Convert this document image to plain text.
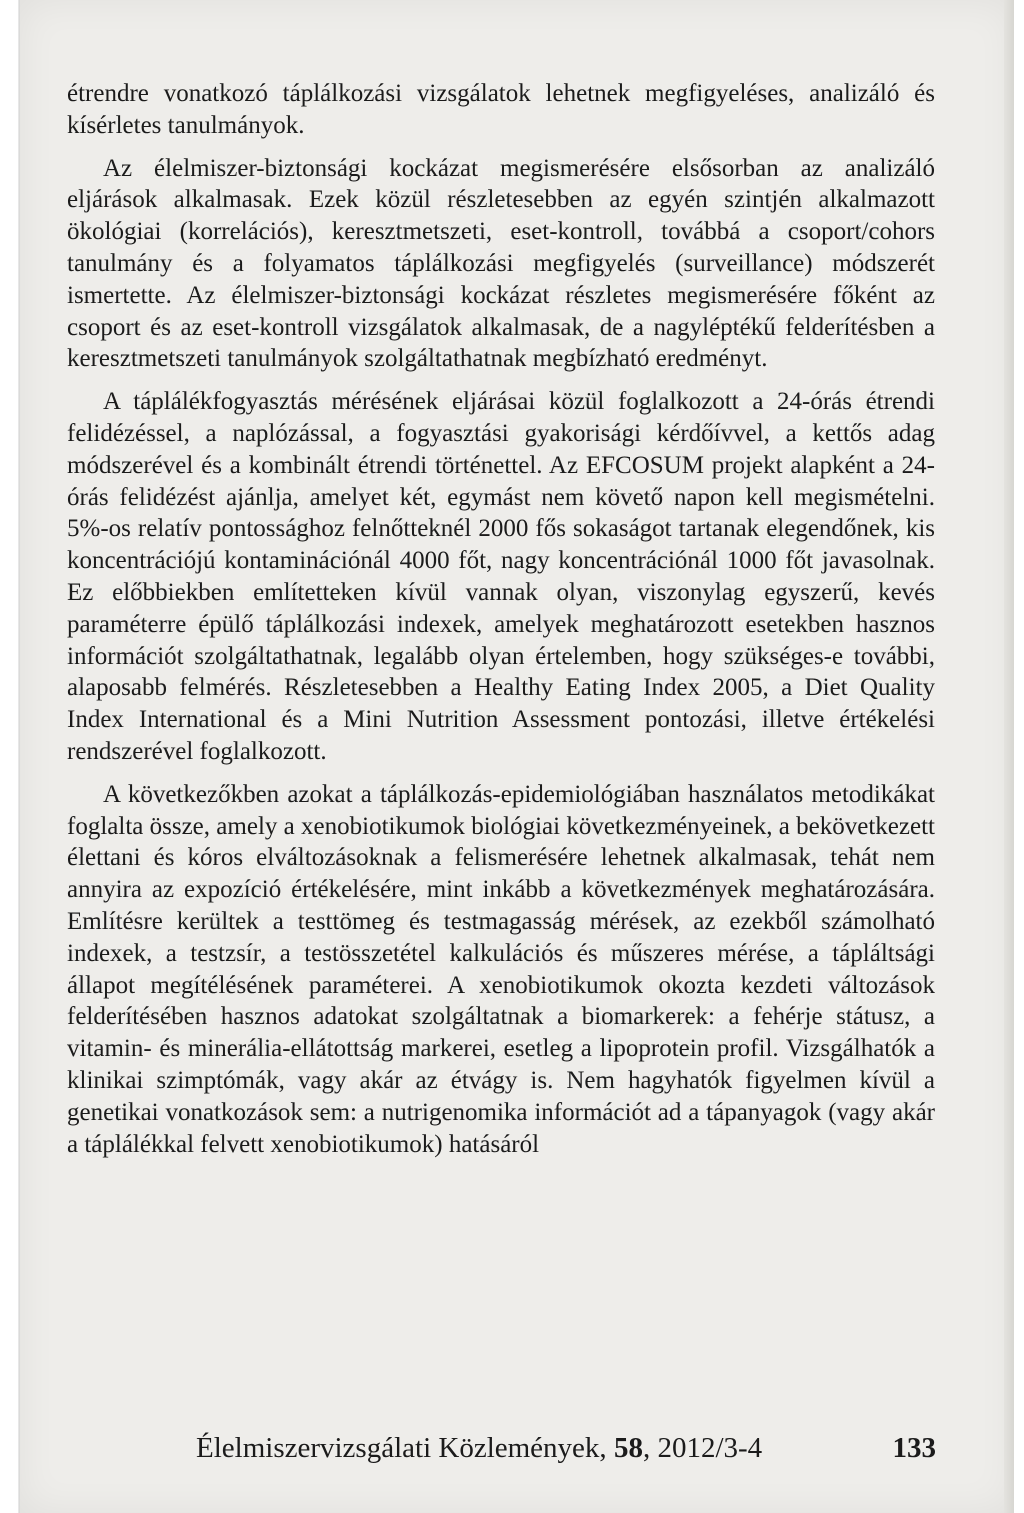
étrendre vonatkozó táplálkozási vizsgálatok lehetnek megfigyeléses, analizáló és kísérletes tanulmányok.

Az élelmiszer-biztonsági kockázat megismerésére elsősorban az analizáló eljárások alkalmasak. Ezek közül részletesebben az egyén szintjén alkalmazott ökológiai (korrelációs), keresztmetszeti, eset-kontroll, továbbá a csoport/cohors tanulmány és a folyamatos táplálkozási megfigyelés (surveillance) módszerét ismertette. Az élelmiszer-biztonsági kockázat részletes megismerésére főként az csoport és az eset-kontroll vizsgálatok alkalmasak, de a nagyléptékű felderítésben a keresztmetszeti tanulmányok szolgáltathatnak megbízható eredményt.

A táplálékfogyasztás mérésének eljárásai közül foglalkozott a 24-órás étrendi felidézéssel, a naplózással, a fogyasztási gyakorisági kérdőívvel, a kettős adag módszerével és a kombinált étrendi történettel. Az EFCOSUM projekt alapként a 24-órás felidézést ajánlja, amelyet két, egymást nem követő napon kell megismételni. 5%-os relatív pontossághoz felnőtteknél 2000 fős sokaságot tartanak elegendőnek, kis koncentrációjú kontaminációnál 4000 főt, nagy koncentrációnál 1000 főt javasolnak. Ez előbbiekben említetteken kívül vannak olyan, viszonylag egyszerű, kevés paraméterre épülő táplálkozási indexek, amelyek meghatározott esetekben hasznos információt szolgáltathatnak, legalább olyan értelemben, hogy szükséges-e további, alaposabb felmérés. Részletesebben a Healthy Eating Index 2005, a Diet Quality Index International és a Mini Nutrition Assessment pontozási, illetve értékelési rendszerével foglalkozott.

A következőkben azokat a táplálkozás-epidemiológiában használatos metodikákat foglalta össze, amely a xenobiotikumok biológiai következményeinek, a bekövetkezett élettani és kóros elváltozásoknak a felismerésére lehetnek alkalmasak, tehát nem annyira az expozíció értékelésére, mint inkább a következmények meghatározására. Említésre kerültek a testtömeg és testmagasság mérések, az ezekből számolható indexek, a testzsír, a testösszetétel kalkulációs és műszeres mérése, a tápláltsági állapot megítélésének paraméterei. A xenobiotikumok okozta kezdeti változások felderítésében hasznos adatokat szolgáltatnak a biomarkerek: a fehérje státusz, a vitamin- és minerália-ellátottság markerei, esetleg a lipoprotein profil. Vizsgálhatók a klinikai szimptómák, vagy akár az étvágy is. Nem hagyhatók figyelmen kívül a genetikai vonatkozások sem: a nutrigenomika információt ad a tápanyagok (vagy akár a táplálékkal felvett xenobiotikumok) hatásáról

Élelmiszervizsgálati Közlemények, 58, 2012/3-4	133
